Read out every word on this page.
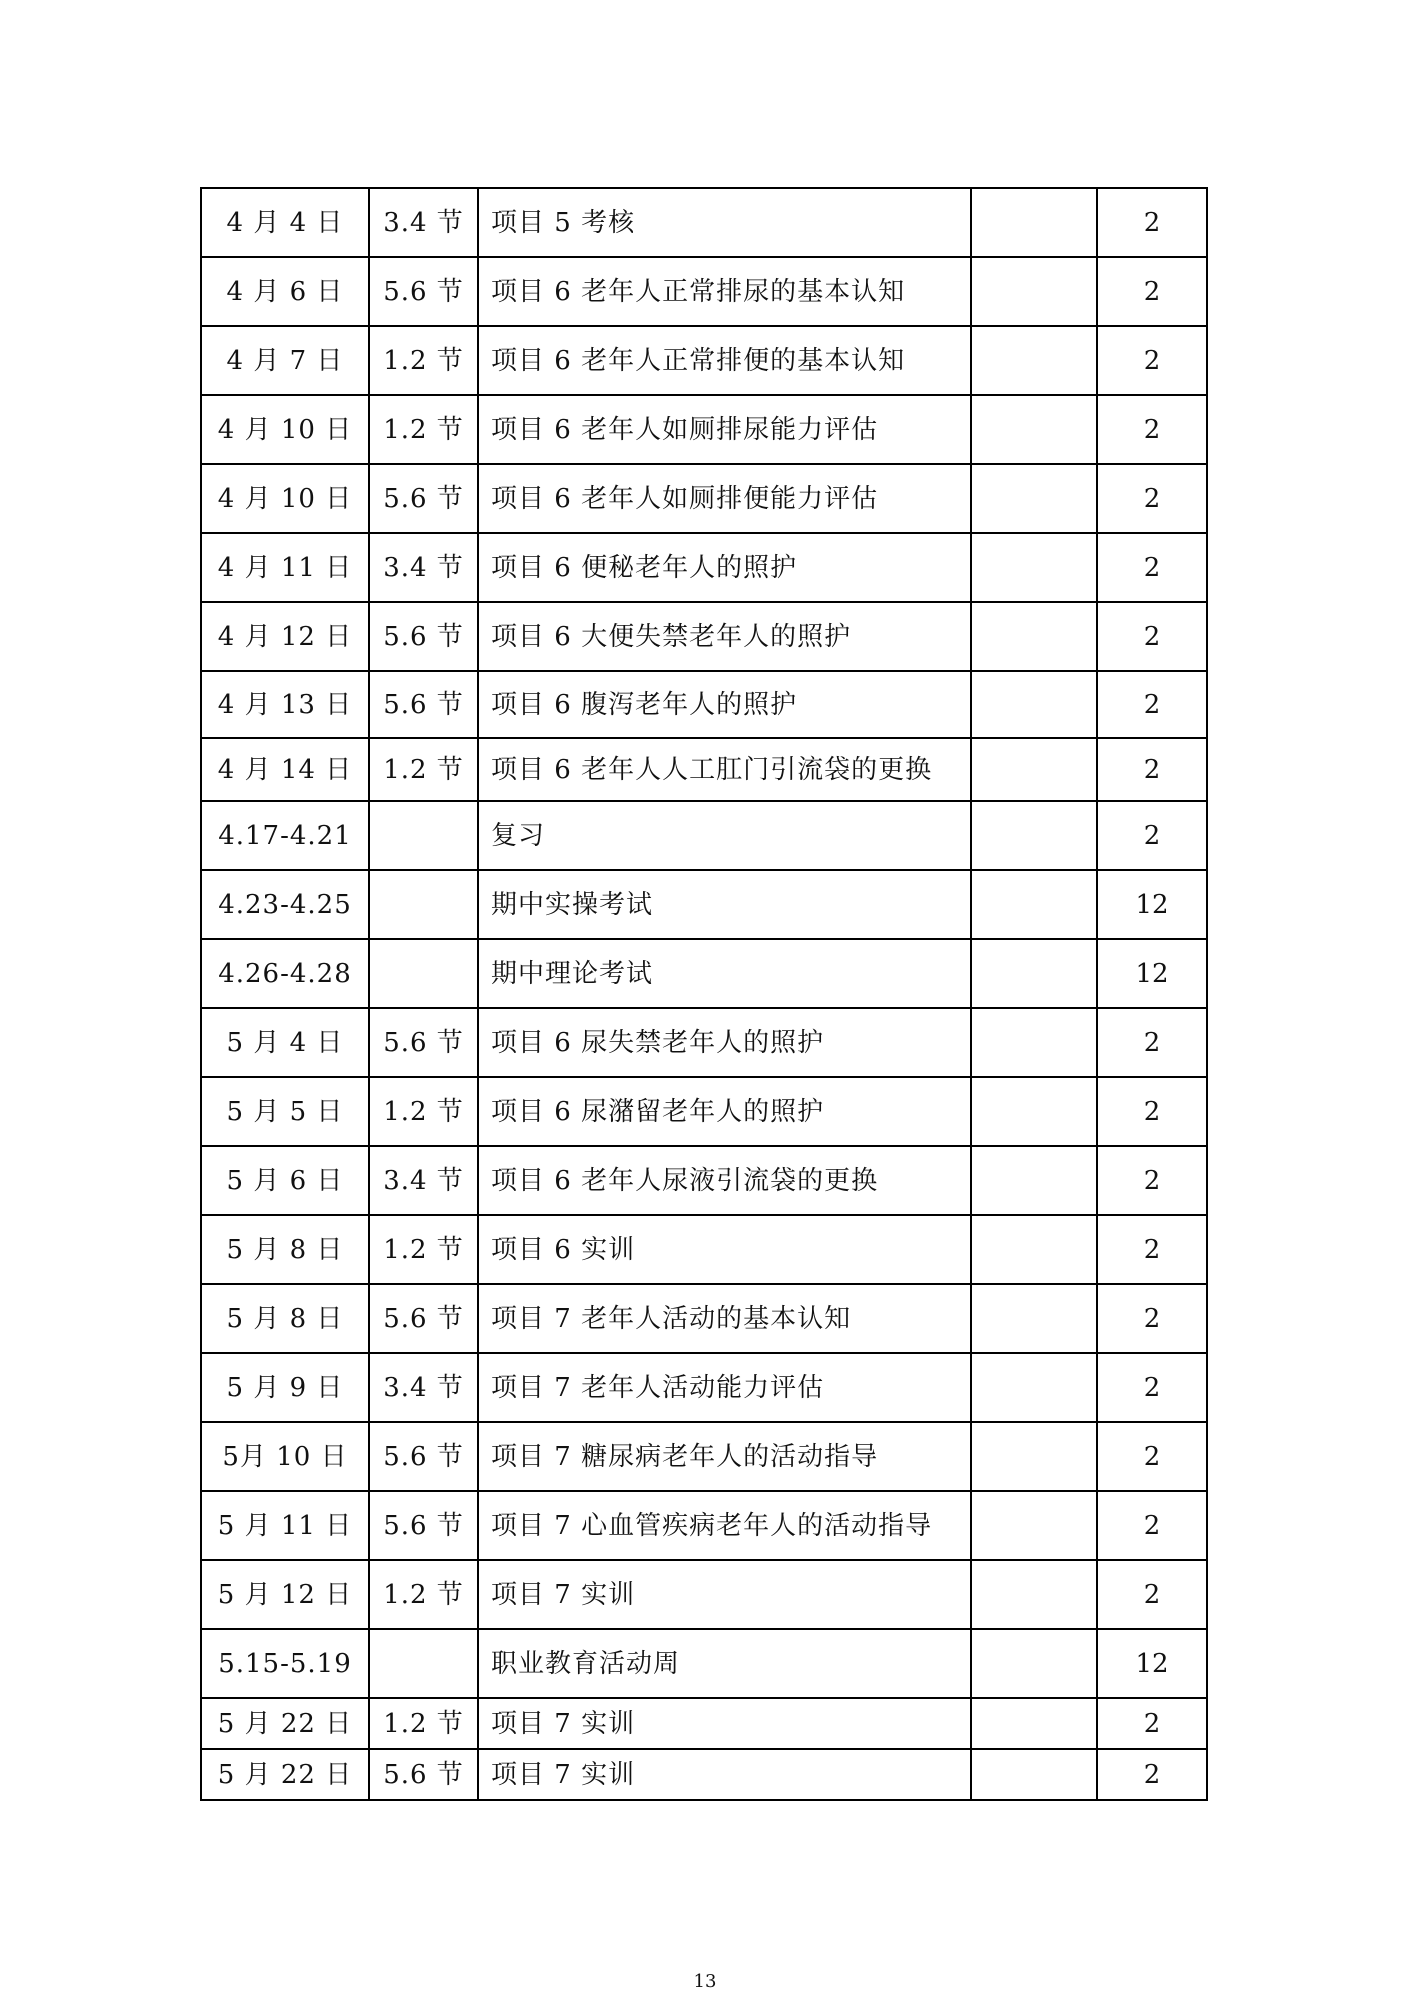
4 月 4 日	3.4 节	项目 5 考核		2
4 月 6 日	5.6 节	项目 6 老年人正常排尿的基本认知		2
4 月 7 日	1.2 节	项目 6 老年人正常排便的基本认知		2
4 月 10 日	1.2 节	项目 6 老年人如厕排尿能力评估		2
4 月 10 日	5.6 节	项目 6 老年人如厕排便能力评估		2
4 月 11 日	3.4 节	项目 6 便秘老年人的照护		2
4 月 12 日	5.6 节	项目 6 大便失禁老年人的照护		2
4 月 13 日	5.6 节	项目 6 腹泻老年人的照护		2
4 月 14 日	1.2 节	项目 6 老年人人工肛门引流袋的更换		2
4.17-4.21		复习		2
4.23-4.25		期中实操考试		12
4.26-4.28		期中理论考试		12
5 月 4 日	5.6 节	项目 6 尿失禁老年人的照护		2
5 月 5 日	1.2 节	项目 6 尿潴留老年人的照护		2
5 月 6 日	3.4 节	项目 6 老年人尿液引流袋的更换		2
5 月 8 日	1.2 节	项目 6 实训		2
5 月 8 日	5.6 节	项目 7 老年人活动的基本认知		2
5 月 9 日	3.4 节	项目 7 老年人活动能力评估		2
5月 10 日	5.6 节	项目 7 糖尿病老年人的活动指导		2
5 月 11 日	5.6 节	项目 7 心血管疾病老年人的活动指导		2
5 月 12 日	1.2 节	项目 7 实训		2
5.15-5.19		职业教育活动周		12
5 月 22 日	1.2 节	项目 7 实训		2
5 月 22 日	5.6 节	项目 7 实训		2
13
